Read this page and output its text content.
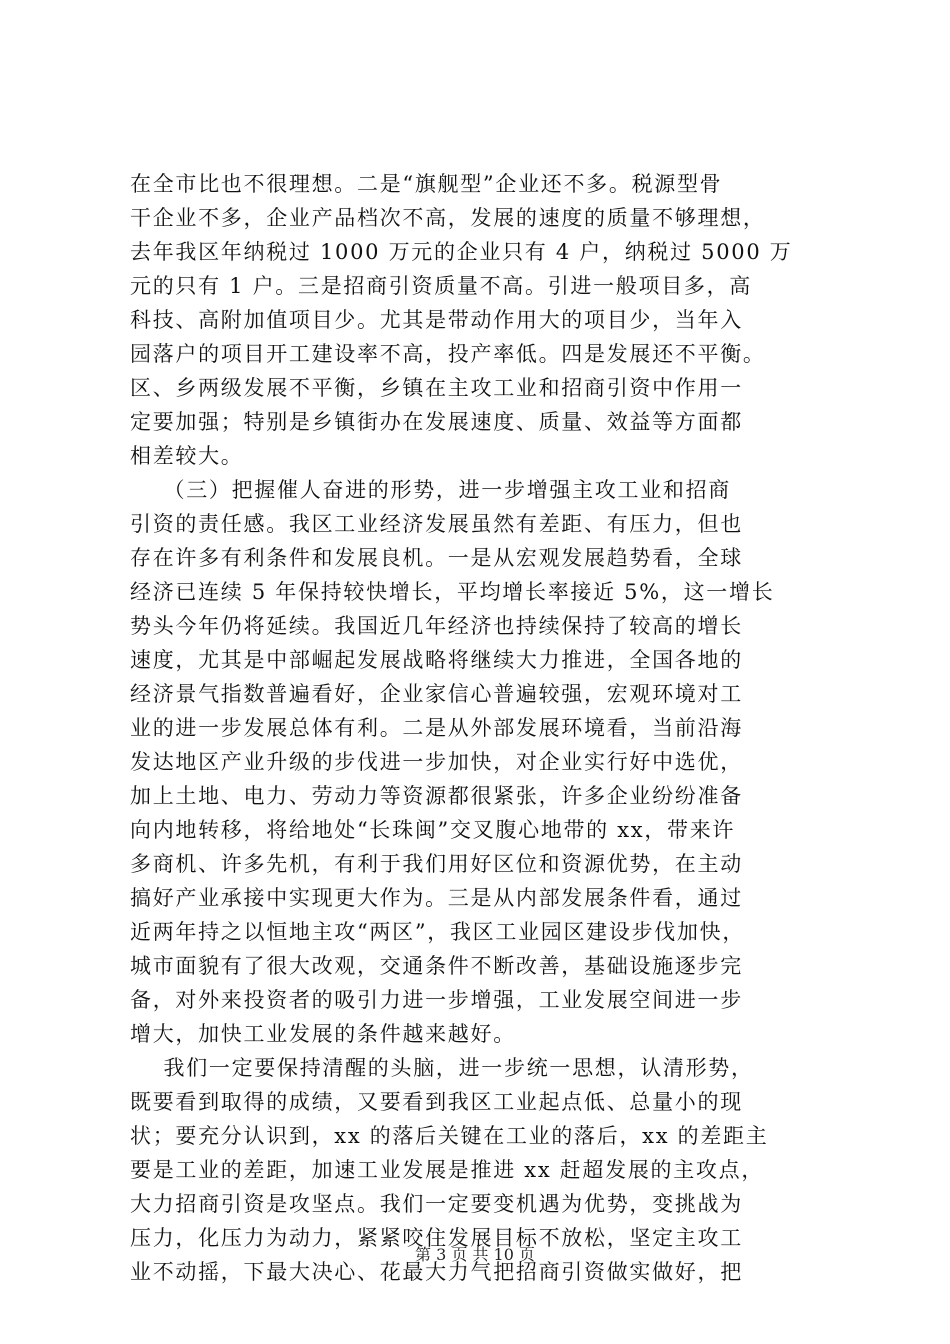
在全市比也不很理想。二是“旗舰型”企业还不多。税源型骨
干企业不多，企业产品档次不高，发展的速度的质量不够理想，
去年我区年纳税过 1000 万元的企业只有 4 户，纳税过 5000 万
元的只有 1 户。三是招商引资质量不高。引进一般项目多，高
科技、高附加值项目少。尤其是带动作用大的项目少，当年入
园落户的项目开工建设率不高，投产率低。四是发展还不平衡。
区、乡两级发展不平衡，乡镇在主攻工业和招商引资中作用一
定要加强；特别是乡镇街办在发展速度、质量、效益等方面都
相差较大。
（三）把握催人奋进的形势，进一步增强主攻工业和招商
引资的责任感。我区工业经济发展虽然有差距、有压力，但也
存在许多有利条件和发展良机。一是从宏观发展趋势看，全球
经济已连续 5 年保持较快增长，平均增长率接近 5%，这一增长
势头今年仍将延续。我国近几年经济也持续保持了较高的增长
速度，尤其是中部崛起发展战略将继续大力推进，全国各地的
经济景气指数普遍看好，企业家信心普遍较强，宏观环境对工
业的进一步发展总体有利。二是从外部发展环境看，当前沿海
发达地区产业升级的步伐进一步加快，对企业实行好中选优，
加上土地、电力、劳动力等资源都很紧张，许多企业纷纷准备
向内地转移，将给地处“长珠闽”交叉腹心地带的 xx，带来许
多商机、许多先机，有利于我们用好区位和资源优势，在主动
搞好产业承接中实现更大作为。三是从内部发展条件看，通过
近两年持之以恒地主攻“两区”，我区工业园区建设步伐加快，
城市面貌有了很大改观，交通条件不断改善，基础设施逐步完
备，对外来投资者的吸引力进一步增强，工业发展空间进一步
增大，加快工业发展的条件越来越好。
我们一定要保持清醒的头脑，进一步统一思想，认清形势，
既要看到取得的成绩，又要看到我区工业起点低、总量小的现
状；要充分认识到，xx 的落后关键在工业的落后，xx 的差距主
要是工业的差距，加速工业发展是推进 xx 赶超发展的主攻点，
大力招商引资是攻坚点。我们一定要变机遇为优势，变挑战为
压力，化压力为动力，紧紧咬住发展目标不放松，坚定主攻工
业不动摇，下最大决心、花最大力气把招商引资做实做好，把
第 3 页 共 10 页
